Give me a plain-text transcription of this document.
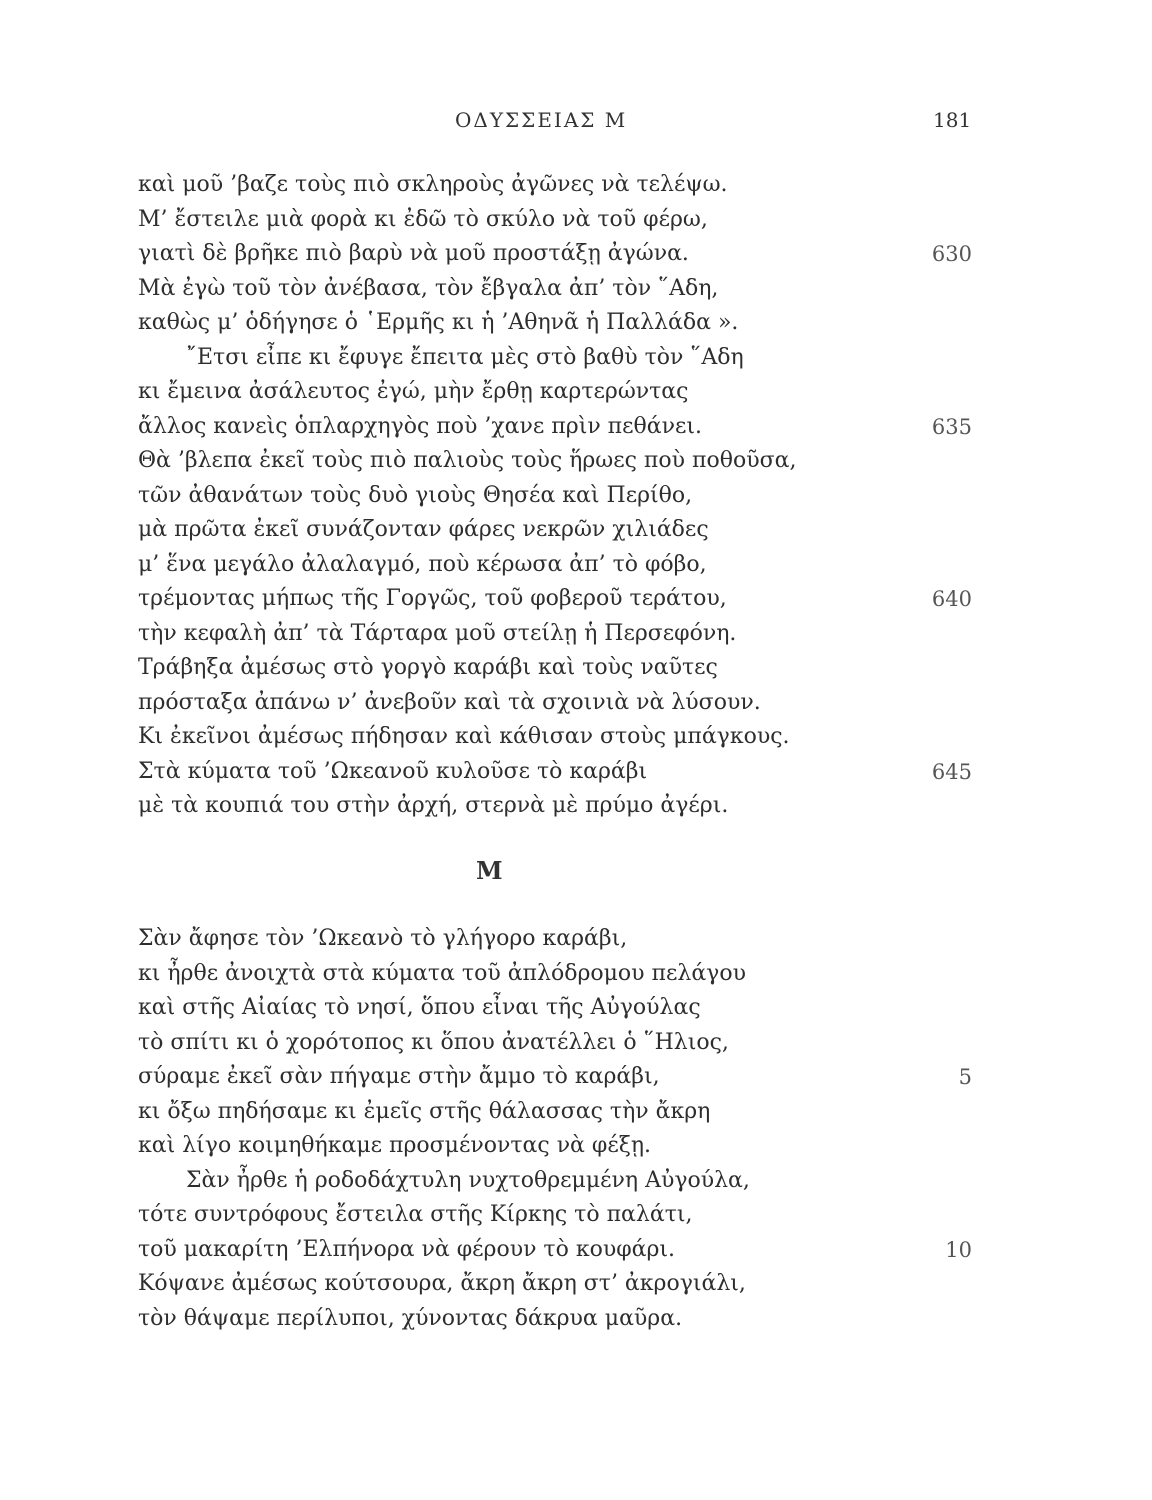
ΟΔΥΣΣΕΙΑΣ Μ	181
καὶ μοῦ ’βαζε τοὺς πιὸ σκληροὺς ἀγῶνες νὰ τελέψω.
Μ’ ἔστειλε μιὰ φορὰ κι ἐδῶ τὸ σκύλο νὰ τοῦ φέρω,
γιατὶ δὲ βρῆκε πιὸ βαρὺ νὰ μοῦ προστάξῃ ἀγώνα.	630
Μὰ ἐγὼ τοῦ τὸν ἀνέβασα, τὸν ἔβγαλα ἀπ’ τὸν ῞Αδη,
καθὼς μ’ ὁδήγησε ὁ ῾Ερμῆς κι ἡ ’Αθηνᾶ ἡ Παλλάδα ».
῎Ετσι εἶπε κι ἔφυγε ἔπειτα μὲς στὸ βαθὺ τὸν ῞Αδη
κι ἔμεινα ἀσάλευτος ἐγώ, μὴν ἔρθῃ καρτερώντας
ἄλλος κανεὶς ὁπλαρχηγὸς ποὺ ’χανε πρὶν πεθάνει.	635
Θὰ ’βλεπα ἐκεῖ τοὺς πιὸ παλιοὺς τοὺς ἥρωες ποὺ ποθοῦσα,
τῶν ἀθανάτων τοὺς δυὸ γιοὺς Θησέα καὶ Περίθο,
μὰ πρῶτα ἐκεῖ συνάζονταν φάρες νεκρῶν χιλιάδες
μ’ ἕνα μεγάλο ἀλαλαγμό, ποὺ κέρωσα ἀπ’ τὸ φόβο,
τρέμοντας μήπως τῆς Γοργῶς, τοῦ φοβεροῦ τεράτου,	640
τὴν κεφαλὴ ἀπ’ τὰ Τάρταρα μοῦ στείλῃ ἡ Περσεφόνη.
Τράβηξα ἀμέσως στὸ γοργὸ καράβι καὶ τοὺς ναῦτες
πρόσταξα ἀπάνω ν’ ἀνεβοῦν καὶ τὰ σχοινιὰ νὰ λύσουν.
Κι ἐκεῖνοι ἀμέσως πήδησαν καὶ κάθισαν στοὺς μπάγκους.
Στὰ κύματα τοῦ ’Ωκεανοῦ κυλοῦσε τὸ καράβι	645
μὲ τὰ κουπιά του στὴν ἀρχή, στερνὰ μὲ πρύμο ἀγέρι.
Μ
Σὰν ἄφησε τὸν ’Ωκεανὸ τὸ γλήγορο καράβι,
κι ἦρθε ἀνοιχτὰ στὰ κύματα τοῦ ἀπλόδρομου πελάγου
καὶ στῆς Αἰαίας τὸ νησί, ὅπου εἶναι τῆς Αὐγούλας
τὸ σπίτι κι ὁ χορότοπος κι ὅπου ἀνατέλλει ὁ ῞Ηλιος,
σύραμε ἐκεῖ σὰν πήγαμε στὴν ἄμμο τὸ καράβι,	5
κι ὄξω πηδήσαμε κι ἐμεῖς στῆς θάλασσας τὴν ἄκρη
καὶ λίγο κοιμηθήκαμε προσμένοντας νὰ φέξῃ.
Σὰν ἦρθε ἡ ροδοδάχτυλη νυχτοθρεμμένη Αὐγούλα,
τότε συντρόφους ἔστειλα στῆς Κίρκης τὸ παλάτι,
τοῦ μακαρίτη ’Ελπήνορα νὰ φέρουν τὸ κουφάρι.	10
Κόψανε ἀμέσως κούτσουρα, ἄκρη ἄκρη στ’ ἀκρογιάλι,
τὸν θάψαμε περίλυποι, χύνοντας δάκρυα μαῦρα.
